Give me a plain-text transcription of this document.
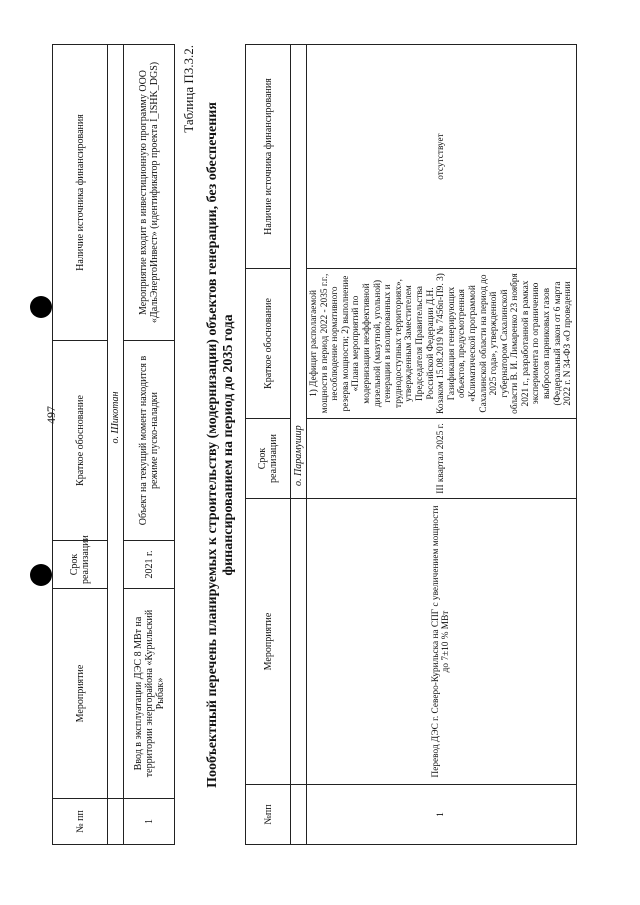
497
№ пп	Мероприятие	Срок реализации	Краткое обоснование	Наличие источника финансирования
	о. Шикотан			
1	Ввод в эксплуатации ДЭС 8 МВт на территории энергорайона «Курильский Рыбак»	2021 г.	Объект на текущий момент находится в режиме пуско-наладки	Мероприятие входит в инвестиционную программу ООО «ДальЭнергоИнвест» (идентификатор проекта I_ISHK_DGS) Таблица П3.3.2.
Пообъектный перечень планируемых к строительству (модернизации) объектов генерации, без обеспечения финансированием на период до 2035 года
№пп	Мероприятие	Срок реализации	Краткое обоснование	Наличие источника финансирования
		о. Парамушир		
1	Перевод ДЭС г. Северо-Курильска на СПГ с увеличением мощности до 7±10 % МВт	III квартал 2025 г.	1) Дефицит располагаемой мощности в период 2022 - 2035 г.г., несоблюдение нормативного резерва мощности; 2) выполнение «Плана мероприятий по модернизации неэффективной дизельной (мазутной, угольной) генерации в изолированных и труднодоступных территориях», утвержденным Заместителем Председателя Правительства Российской Федерации Д.Н. Козаком 15.08.2019 № 7456п-П9. 3) Газификация генерирующих объектов, предусмотренная «Климатической программой Сахалинской области на период до 2025 года», утвержденной губернатором Сахалинской области В. И. Лимаренко 23 ноября 2021 г., разработанной в рамках эксперимента по ограничению выбросов парниковых газов (Федеральный закон от 6 марта 2022 г. N 34-ФЗ «О проведении	отсутствует
